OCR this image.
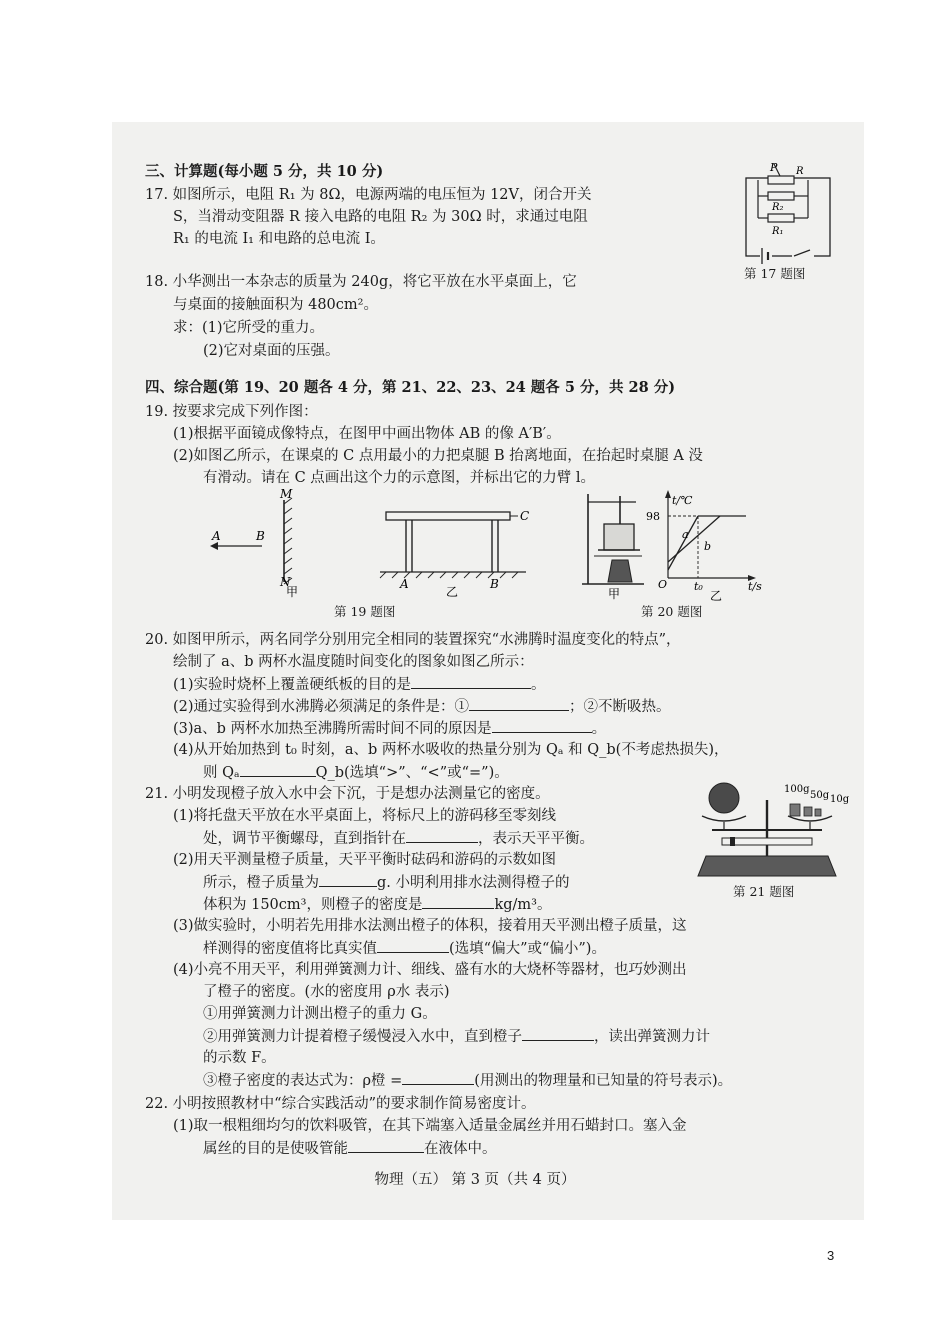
三、计算题(每小题 5 分，共 10 分)
17. 如图所示，电阻 R₁ 为 8Ω，电源两端的电压恒为 12V，闭合开关
S，当滑动变阻器 R 接入电路的电阻 R₂ 为 30Ω 时，求通过电阻
R₁ 的电流 I₁ 和电路的总电流 I。
P R
R₂
R₁
第 17 题图
18. 小华测出一本杂志的质量为 240g，将它平放在水平桌面上，它
与桌面的接触面积为 480cm²。
求：(1)它所受的重力。
(2)它对桌面的压强。
四、综合题(第 19、20 题各 4 分，第 21、22、23、24 题各 5 分，共 28 分)
19. 按要求完成下列作图：
(1)根据平面镜成像特点，在图甲中画出物体 AB 的像 A′B′。
(2)如图乙所示，在课桌的 C 点用最小的力把桌腿 B 抬离地面，在抬起时桌腿 A 没
有滑动。请在 C 点画出这个力的示意图，并标出它的力臂 l。
M
A	B
N
甲
C
A	B
乙
第 19 题图
甲
t/℃
98
a
b
O t₀	t/s
乙
第 20 题图
20. 如图甲所示，两名同学分别用完全相同的装置探究“水沸腾时温度变化的特点”，
绘制了 a、b 两杯水温度随时间变化的图象如图乙所示：
(1)实验时烧杯上覆盖硬纸板的目的是	。
(2)通过实验得到水沸腾必须满足的条件是：①	；②不断吸热。
(3)a、b 两杯水加热至沸腾所需时间不同的原因是	。
(4)从开始加热到 t₀ 时刻，a、b 两杯水吸收的热量分别为 Qₐ 和 Q_b(不考虑热损失)，
则 Qₐ	Q_b(选填“>”、“<”或“=”)。
21. 小明发现橙子放入水中会下沉，于是想办法测量它的密度。
(1)将托盘天平放在水平桌面上，将标尺上的游码移至零刻线
处，调节平衡螺母，直到指针在	，表示天平平衡。
(2)用天平测量橙子质量，天平平衡时砝码和游码的示数如图
所示，橙子质量为	g. 小明利用排水法测得橙子的
体积为 150cm³，则橙子的密度是	kg/m³。
(3)做实验时，小明若先用排水法测出橙子的体积，接着用天平测出橙子质量，这
样测得的密度值将比真实值	(选填“偏大”或“偏小”)。
(4)小亮不用天平，利用弹簧测力计、细线、盛有水的大烧杯等器材，也巧妙测出
了橙子的密度。(水的密度用 ρ水 表示)
①用弹簧测力计测出橙子的重力 G。
②用弹簧测力计提着橙子缓慢浸入水中，直到橙子	，读出弹簧测力计
的示数 F。
③橙子密度的表达式为：ρ橙 =	(用测出的物理量和已知量的符号表示)。
100g
50g 10g
第 21 题图
22. 小明按照教材中“综合实践活动”的要求制作简易密度计。
(1)取一根粗细均匀的饮料吸管，在其下端塞入适量金属丝并用石蜡封口。塞入金
属丝的目的是使吸管能	在液体中。
物理（五） 第 3 页（共 4 页）
3
